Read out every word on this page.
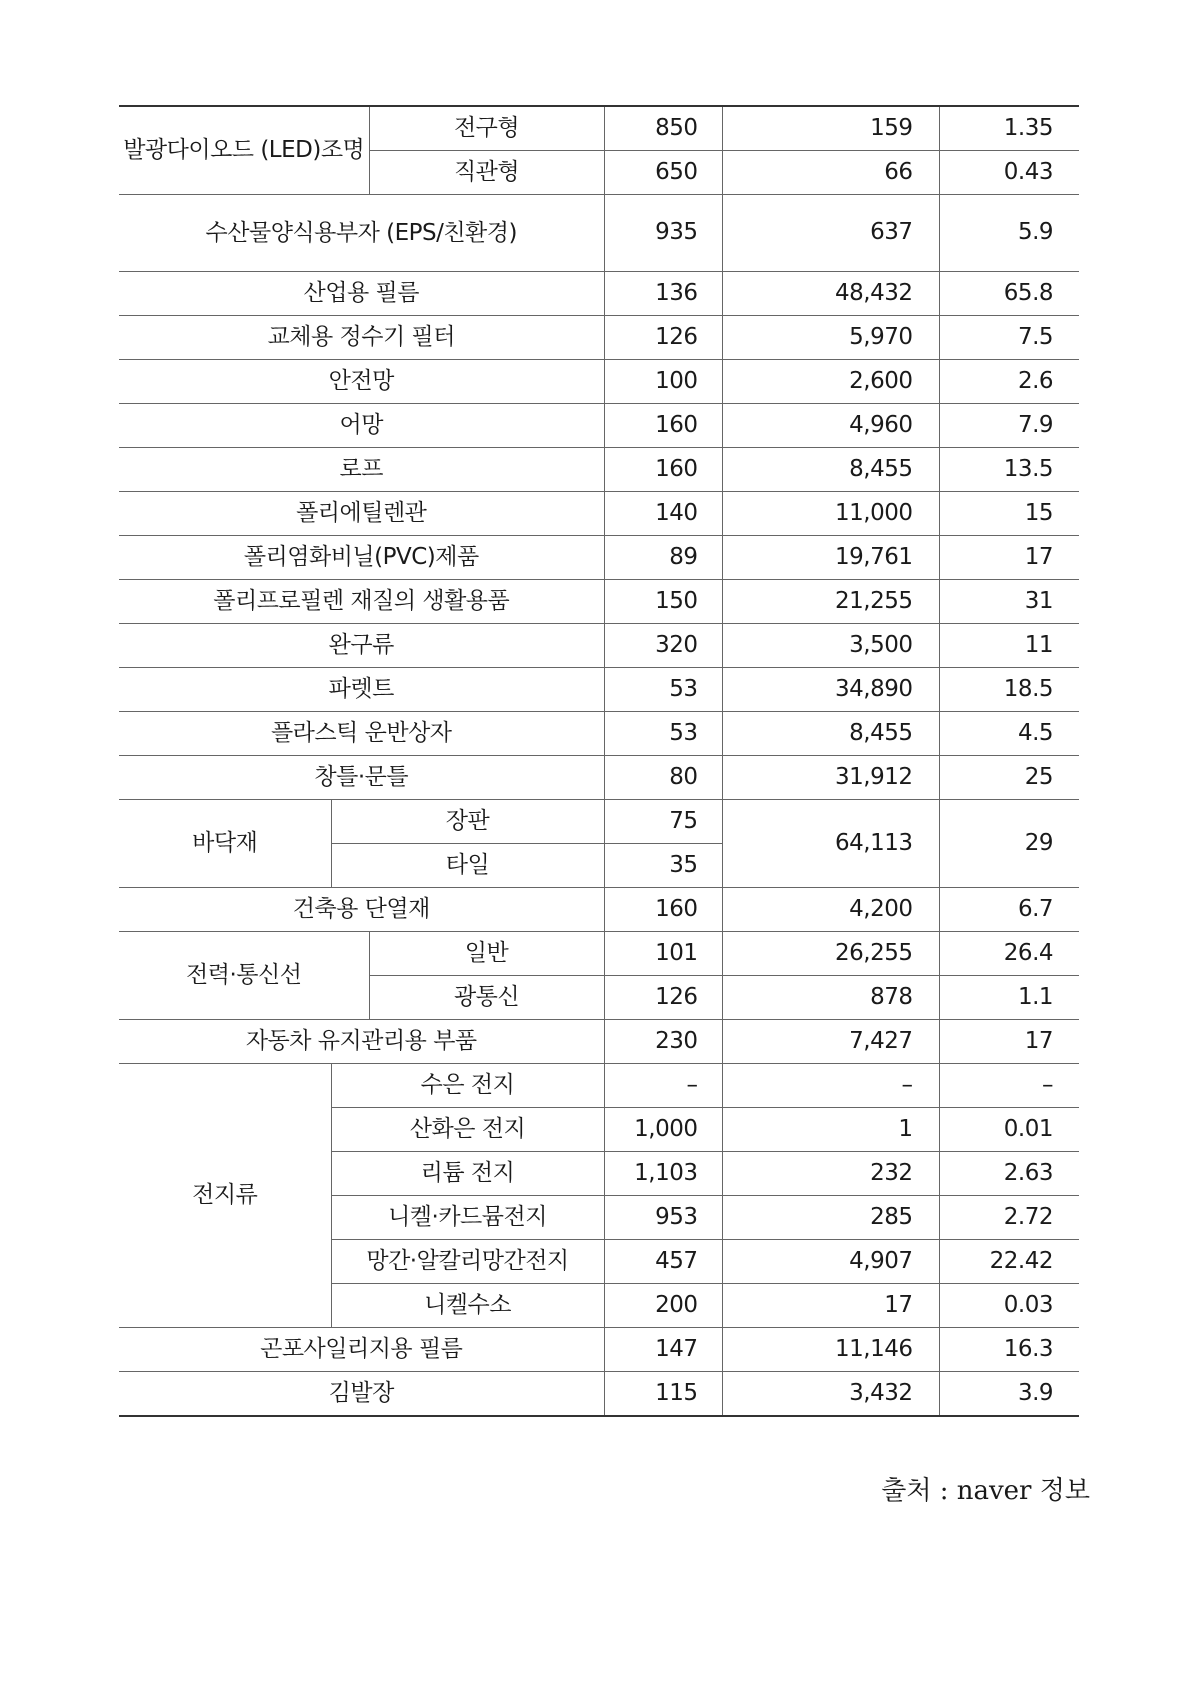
발광다이오드 (LED)조명		전구형	850	159	1.35
		직관형	650	66	0.43
수산물양식용부자 (EPS/친환경)			935	637	5.9
산업용 필름			136	48,432	65.8
교체용 정수기 필터			126	5,970	7.5
안전망			100	2,600	2.6
어망			160	4,960	7.9
로프			160	8,455	13.5
폴리에틸렌관			140	11,000	15
폴리염화비닐(PVC)제품			89	19,761	17
폴리프로필렌 재질의 생활용품			150	21,255	31
완구류			320	3,500	11
파렛트			53	34,890	18.5
플라스틱 운반상자			53	8,455	4.5
창틀·문틀			80	31,912	25
바닥재	장판		75	64,113	29
	타일		35		
건축용 단열재			160	4,200	6.7
전력·통신선		일반	101	26,255	26.4
		광통신	126	878	1.1
자동차 유지관리용 부품			230	7,427	17
전지류	수은 전지		–	–	–
	산화은 전지		1,000	1	0.01
	리튬 전지		1,103	232	2.63
	니켈·카드뮴전지		953	285	2.72
	망간·알칼리망간전지		457	4,907	22.42
	니켈수소		200	17	0.03
곤포사일리지용 필름			147	11,146	16.3
김발장			115	3,432	3.9
출처 : naver 정보
